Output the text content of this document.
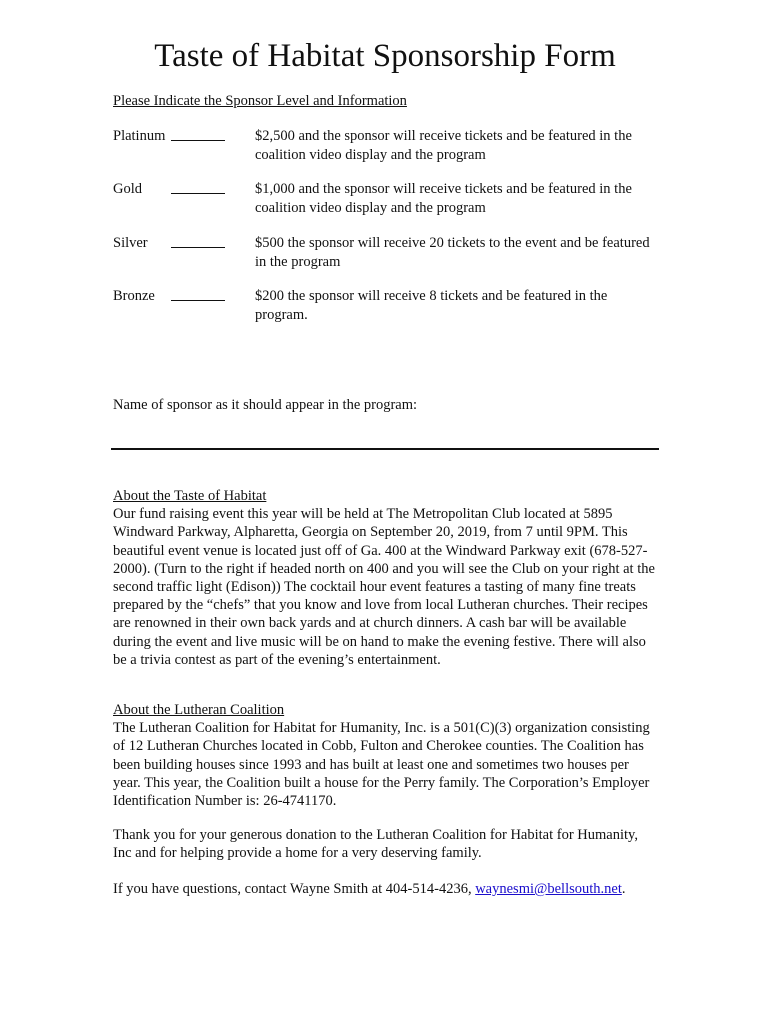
Taste of Habitat Sponsorship Form
Please Indicate the Sponsor Level and Information
Platinum	$2,500 and the sponsor will receive tickets and be featured in the coalition video display and the program
Gold	$1,000 and the sponsor will receive tickets and be featured in the coalition video display and the program
Silver	$500 the sponsor will receive 20 tickets to the event and be featured in the program
Bronze	$200 the sponsor will receive 8 tickets and be featured in the program.
Name of sponsor as it should appear in the program:
About the Taste of Habitat
Our fund raising event this year will be held at The Metropolitan Club located at 5895 Windward Parkway, Alpharetta, Georgia on September 20, 2019, from 7 until 9PM. This beautiful event venue is located just off of Ga. 400 at the Windward Parkway exit (678-527-2000). (Turn to the right if headed north on 400 and you will see the Club on your right at the second traffic light (Edison)) The cocktail hour event features a tasting of many fine treats prepared by the “chefs” that you know and love from local Lutheran churches. Their recipes are renowned in their own back yards and at church dinners. A cash bar will be available during the event and live music will be on hand to make the evening festive. There will also be a trivia contest as part of the evening’s entertainment.
About the Lutheran Coalition
The Lutheran Coalition for Habitat for Humanity, Inc. is a 501(C)(3) organization consisting of 12 Lutheran Churches located in Cobb, Fulton and Cherokee counties. The Coalition has been building houses since 1993 and has built at least one and sometimes two houses per year. This year, the Coalition built a house for the Perry family. The Corporation’s Employer Identification Number is: 26-4741170.
Thank you for your generous donation to the Lutheran Coalition for Habitat for Humanity, Inc and for helping provide a home for a very deserving family.
If you have questions, contact Wayne Smith at 404-514-4236, waynesmi@bellsouth.net.
